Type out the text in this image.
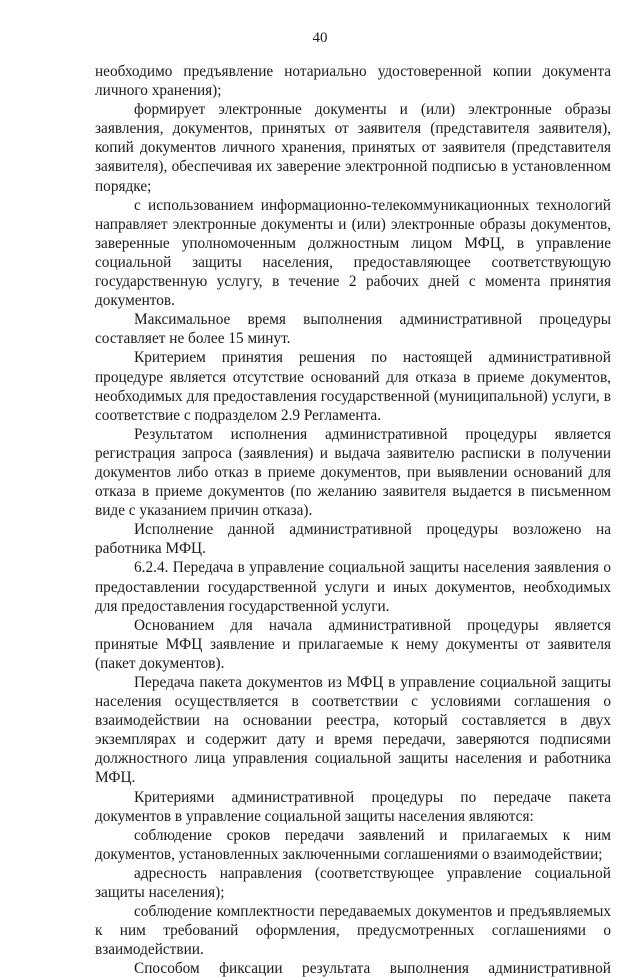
40

необходимо предъявление нотариально удостоверенной копии документа личного хранения);

формирует электронные документы и (или) электронные образы заявления, документов, принятых от заявителя (представителя заявителя), копий документов личного хранения, принятых от заявителя (представителя заявителя), обеспечивая их заверение электронной подписью в установленном порядке;

с использованием информационно-телекоммуникационных технологий направляет электронные документы и (или) электронные образы документов, заверенные уполномоченным должностным лицом МФЦ, в управление социальной защиты населения, предоставляющее соответствующую государственную услугу, в течение 2 рабочих дней с момента принятия документов.

Максимальное время выполнения административной процедуры составляет не более 15 минут.

Критерием принятия решения по настоящей административной процедуре является отсутствие оснований для отказа в приеме документов, необходимых для предоставления государственной (муниципальной) услуги, в соответствие с подразделом 2.9 Регламента.

Результатом исполнения административной процедуры является регистрация запроса (заявления) и выдача заявителю расписки в получении документов либо отказ в приеме документов, при выявлении оснований для отказа в приеме документов (по желанию заявителя выдается в письменном виде с указанием причин отказа).

Исполнение данной административной процедуры возложено на работника МФЦ.

6.2.4. Передача в управление социальной защиты населения заявления о предоставлении государственной услуги и иных документов, необходимых для предоставления государственной услуги.

Основанием для начала административной процедуры является принятые МФЦ заявление и прилагаемые к нему документы от заявителя (пакет документов).

Передача пакета документов из МФЦ в управление социальной защиты населения осуществляется в соответствии с условиями соглашения о взаимодействии на основании реестра, который составляется в двух экземплярах и содержит дату и время передачи, заверяются подписями должностного лица управления социальной защиты населения и работника МФЦ.

Критериями административной процедуры по передаче пакета документов в управление социальной защиты населения являются:

соблюдение сроков передачи заявлений и прилагаемых к ним документов, установленных заключенными соглашениями о взаимодействии;

адресность направления (соответствующее управление социальной защиты населения);

соблюдение комплектности передаваемых документов и предъявляемых к ним требований оформления, предусмотренных соглашениями о взаимодействии.

Способом фиксации результата выполнения административной
